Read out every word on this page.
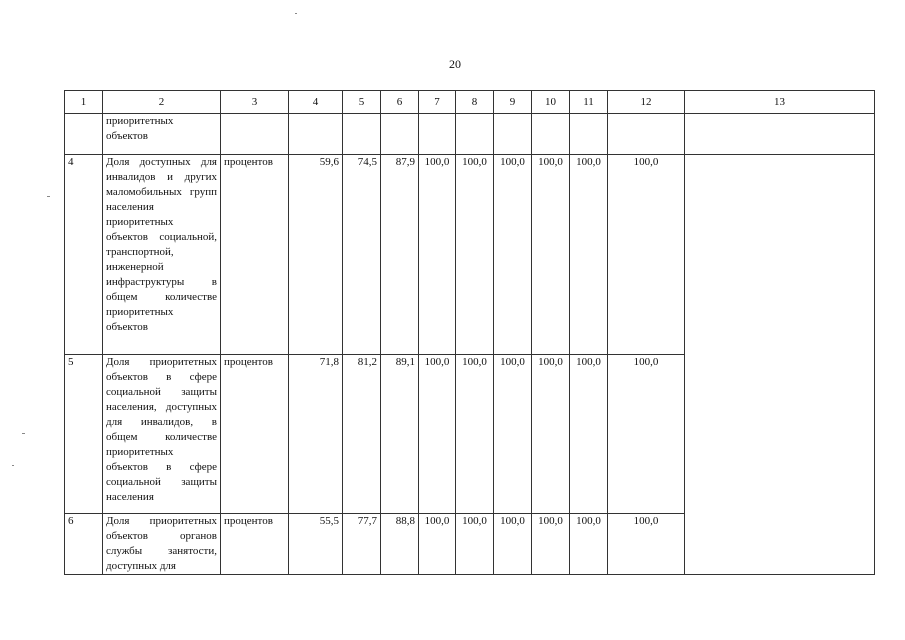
20
1	2	3	4	5	6	7	8	9	10	11	12	13
	приоритетных объектов											
4	Доля доступных для инвалидов и других маломобильных групп населения приоритетных объектов социальной, транспортной, инженерной инфраструктуры в общем количестве приоритетных объектов	процентов	59,6	74,5	87,9	100,0	100,0	100,0	100,0	100,0	100,0	
5	Доля приоритетных объектов в сфере социальной защиты населения, доступных для инвалидов, в общем количестве приоритетных объектов в сфере социальной защиты населения	процентов	71,8	81,2	89,1	100,0	100,0	100,0	100,0	100,0	100,0	
6	Доля приоритетных объектов органов службы занятости, доступных для	процентов	55,5	77,7	88,8	100,0	100,0	100,0	100,0	100,0	100,0	
